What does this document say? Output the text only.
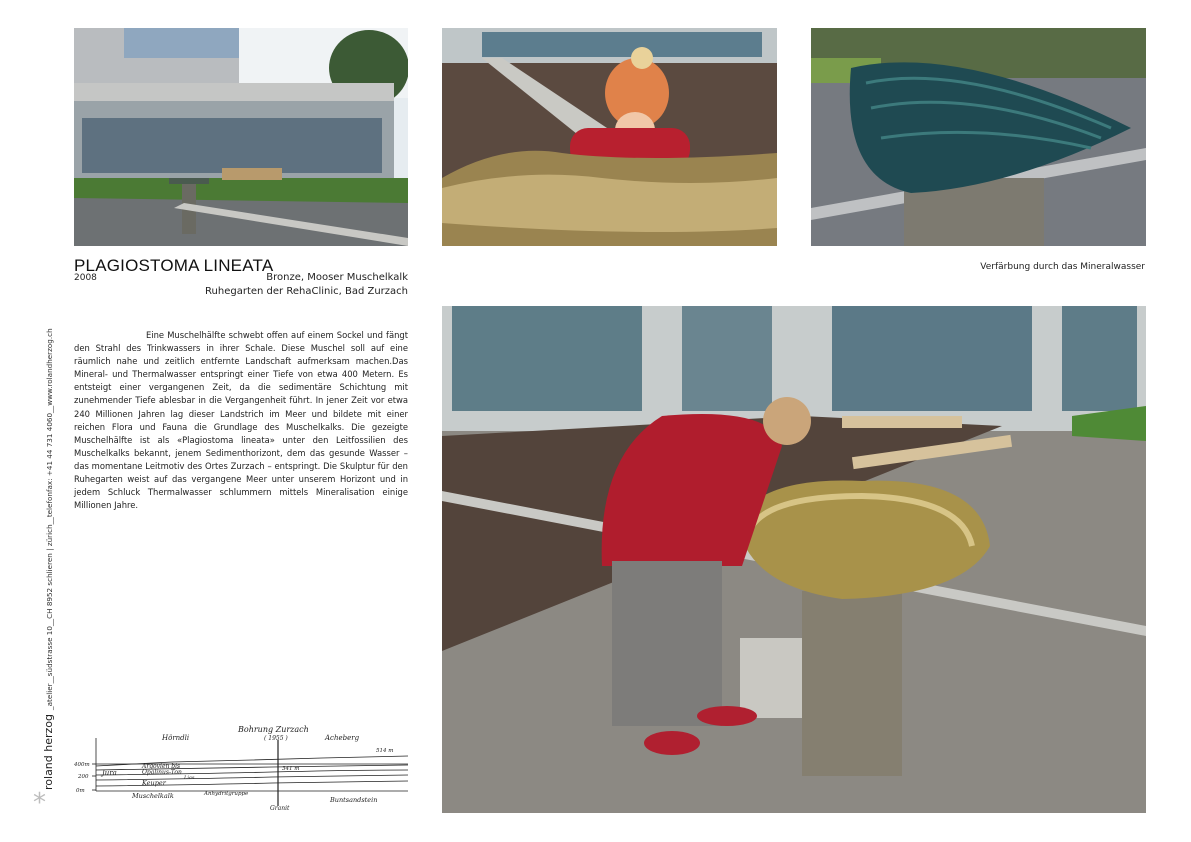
PLAGIOSTOMA LINEATA
2008	Bronze, Mooser Muschelkalk
Ruhegarten der RehaClinic, Bad Zurzach
Verfärbung durch das Mineralwasser

Eine Muschelhälfte schwebt offen auf einem Sockel und fängt den Strahl des Trinkwassers in ihrer Schale. Diese Muschel soll auf eine räumlich nahe und zeitlich entfernte Landschaft aufmerksam machen.Das Mineral- und Thermalwasser entspringt einer Tiefe von etwa 400 Metern. Es entsteigt einer vergangenen Zeit, da die sedimentäre Schichtung mit zunehmender Tiefe ablesbar in die Vergangenheit führt. In jener Zeit vor etwa 240 Millionen Jahren lag dieser Landstrich im Meer und bildete mit einer reichen Flora und Fauna die Grundlage des Muschelkalks. Die gezeigte Muschelhälfte ist als «Plagiostoma lineata» unter den Leitfossilien des Muschelkalks bekannt, jenem Sedimenthorizont, dem das gesunde Wasser – das momentane Leitmotiv des Ortes Zurzach – entspringt. Die Skulptur für den Ruhegarten weist auf das vergangene Meer unter unserem Horizont und in jedem Schluck Thermalwasser schlummern mittels Mineralisation einige Millionen Jahre.

roland herzog_atelier__südstrasse 10__CH 8952 schlieren | zürich__telefonfax: +41 44 731 4060__www.rolandherzog.ch
*
Bohrung Zurzach
( 1955 )
Hörndli	Acheberg
514 m
341 m
400m
200
0m
Jura
Argovien bis
Opalinus-Ton
Lias
Keuper
Muschelkalk	Anhydritgruppe
Buntsandstein
Granit
